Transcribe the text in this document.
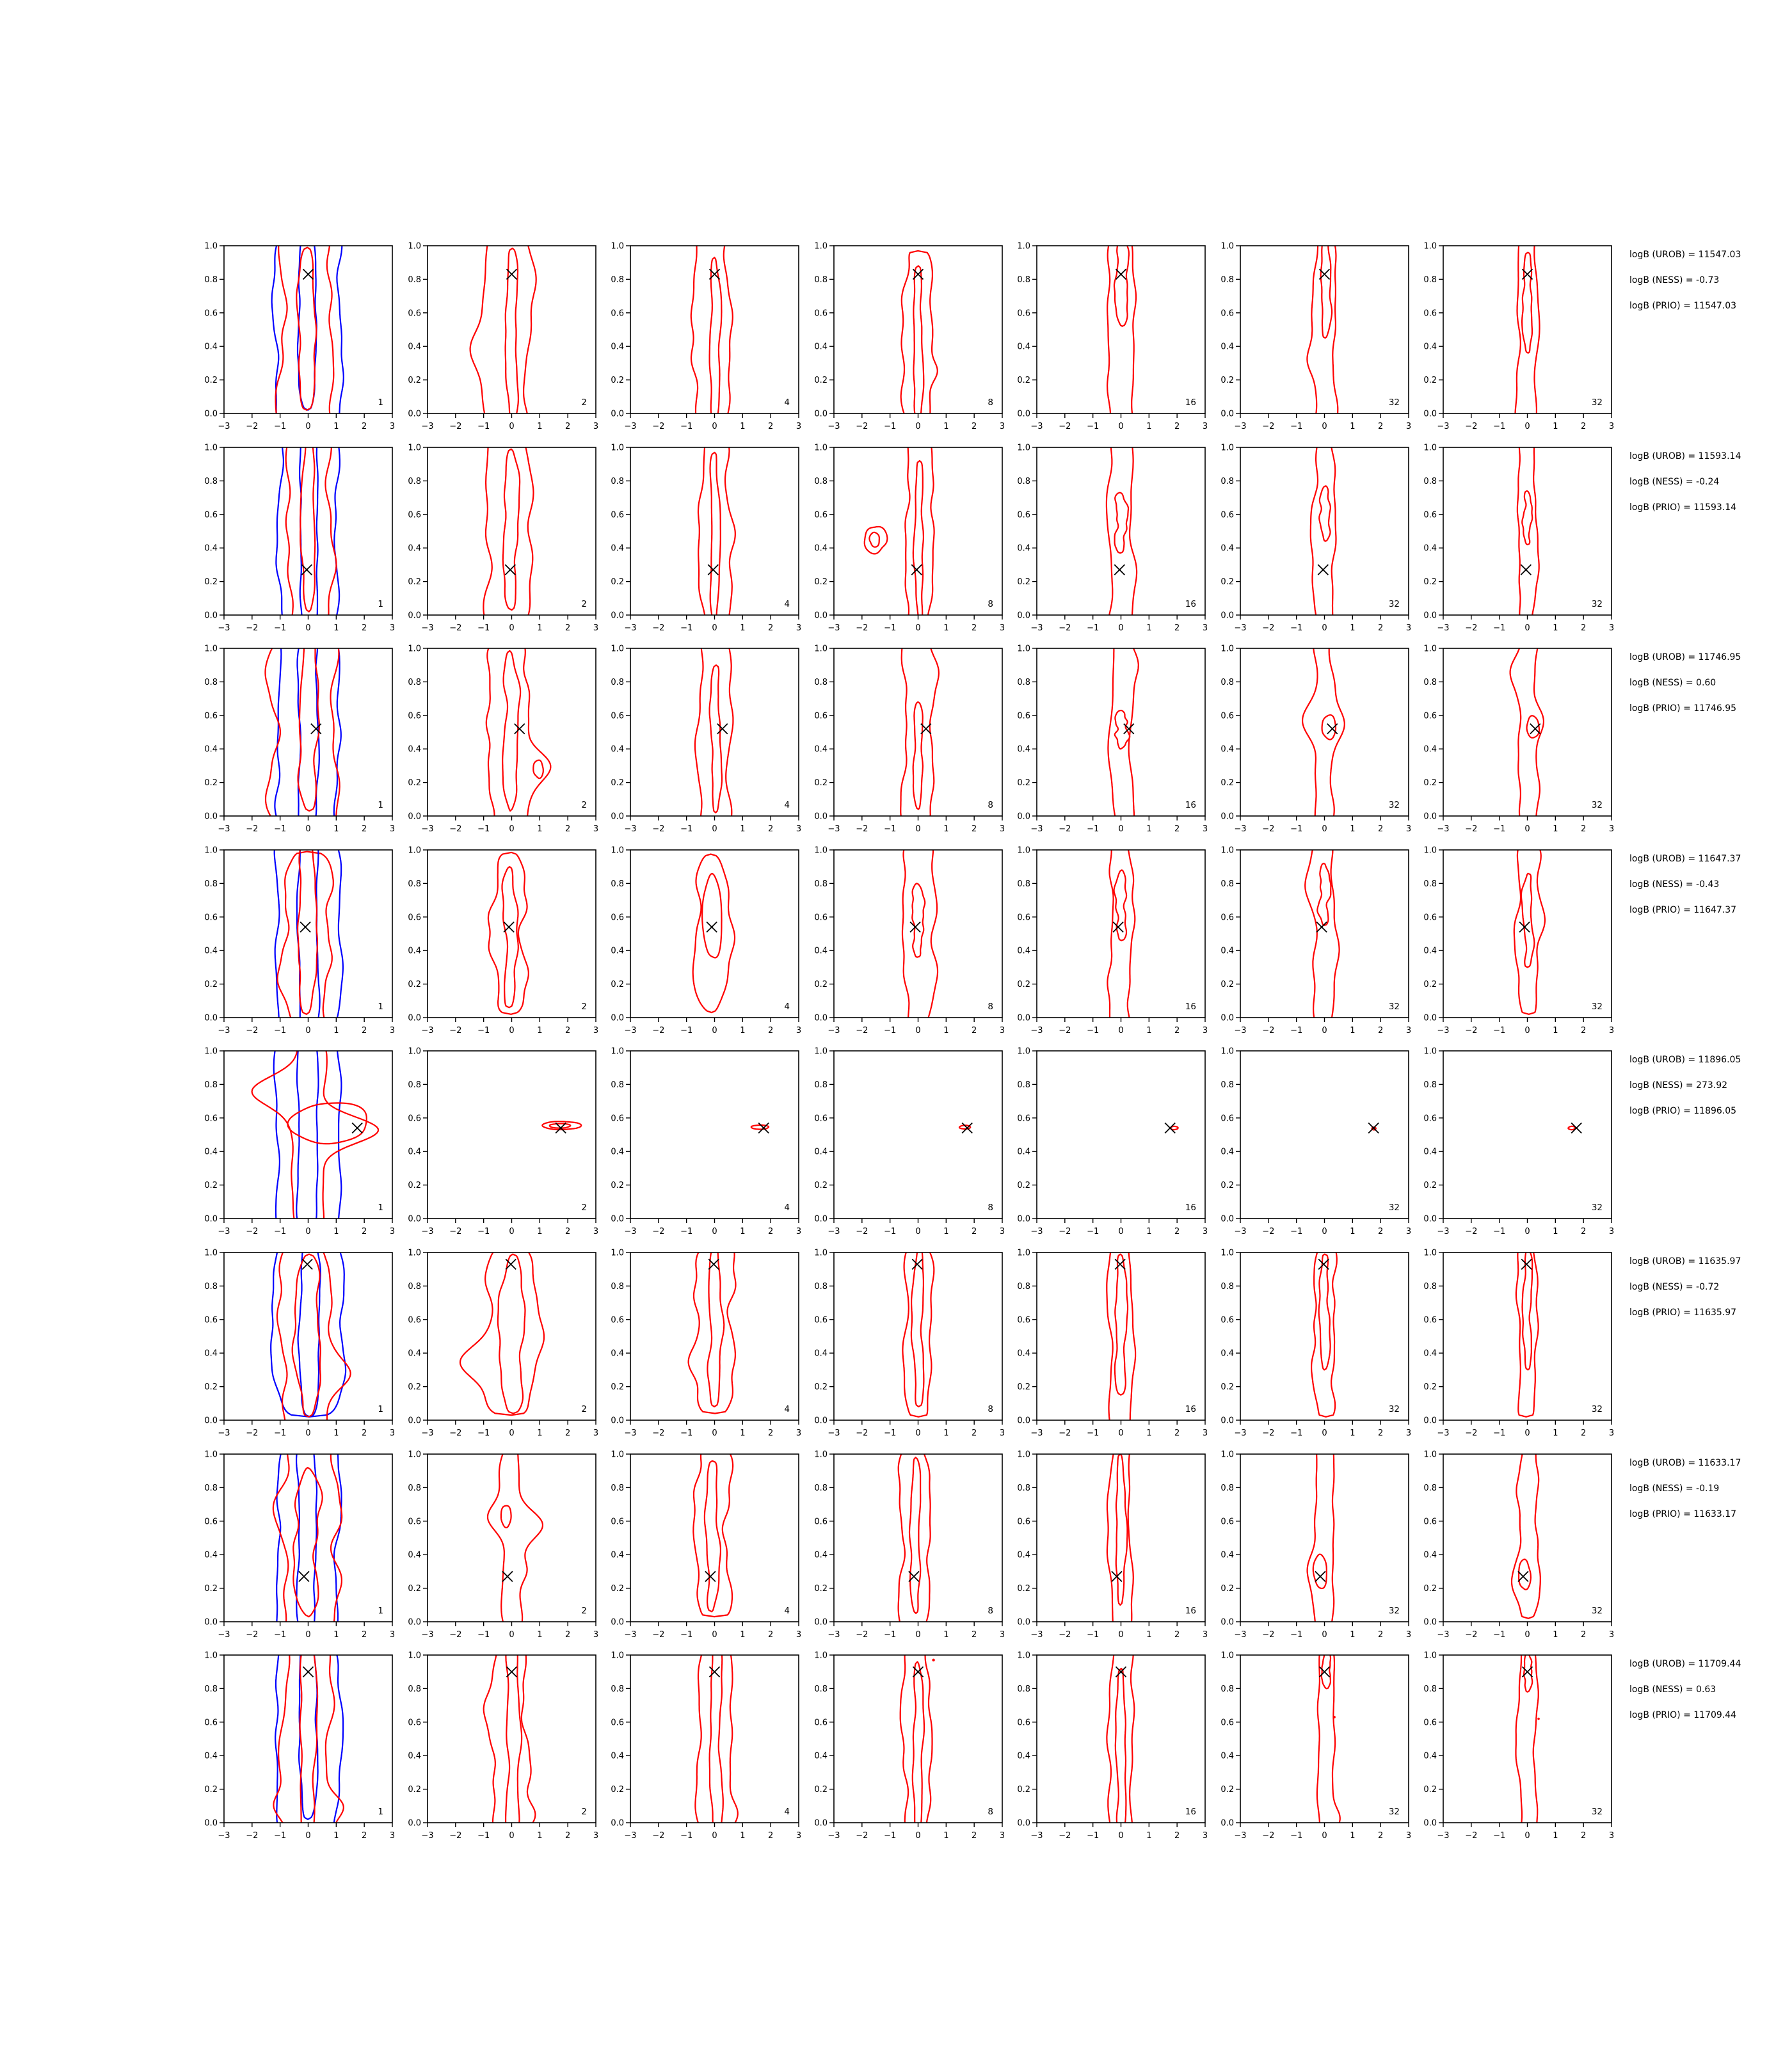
−3 −2 −1 0	1	2	3
0.0
0.2
0.4
0.6
0.8
1.0
1
−3 −2 −1 0	1	2	3
0.0
0.2
0.4
0.6
0.8
1.0
2
−3 −2 −1 0	1	2	3
0.0
0.2
0.4
0.6
0.8
1.0
4
−3 −2 −1 0	1	2	3
0.0
0.2
0.4
0.6
0.8
1.0
8
−3 −2 −1 0	1	2	3
0.0
0.2
0.4
0.6
0.8
1.0
16
−3 −2 −1 0	1	2	3
0.0
0.2
0.4
0.6
0.8
1.0
32
−3 −2 −1 0	1	2	3
0.0
0.2
0.4
0.6
0.8
1.0
32
logB (UROB) = 11547.03
logB (NESS) = -0.73
logB (PRIO) = 11547.03
−3 −2 −1 0	1	2	3
0.0
0.2
0.4
0.6
0.8
1.0
1
−3 −2 −1 0	1	2	3
0.0
0.2
0.4
0.6
0.8
1.0
2
−3 −2 −1 0	1	2	3
0.0
0.2
0.4
0.6
0.8
1.0
4
−3 −2 −1 0	1	2	3
0.0
0.2
0.4
0.6
0.8
1.0
8
−3 −2 −1 0	1	2	3
0.0
0.2
0.4
0.6
0.8
1.0
16
−3 −2 −1 0	1	2	3
0.0
0.2
0.4
0.6
0.8
1.0
32
−3 −2 −1 0	1	2	3
0.0
0.2
0.4
0.6
0.8
1.0
32
logB (UROB) = 11593.14
logB (NESS) = -0.24
logB (PRIO) = 11593.14
−3 −2 −1 0	1	2	3
0.0
0.2
0.4
0.6
0.8
1.0
1
−3 −2 −1 0	1	2	3
0.0
0.2
0.4
0.6
0.8
1.0
2
−3 −2 −1 0	1	2	3
0.0
0.2
0.4
0.6
0.8
1.0
4
−3 −2 −1 0	1	2	3
0.0
0.2
0.4
0.6
0.8
1.0
8
−3 −2 −1 0	1	2	3
0.0
0.2
0.4
0.6
0.8
1.0
16
−3 −2 −1 0	1	2	3
0.0
0.2
0.4
0.6
0.8
1.0
32
−3 −2 −1 0	1	2	3
0.0
0.2
0.4
0.6
0.8
1.0
32
logB (UROB) = 11746.95
logB (NESS) = 0.60
logB (PRIO) = 11746.95
−3 −2 −1 0	1	2	3
0.0
0.2
0.4
0.6
0.8
1.0
1
−3 −2 −1 0	1	2	3
0.0
0.2
0.4
0.6
0.8
1.0
2
−3 −2 −1 0	1	2	3
0.0
0.2
0.4
0.6
0.8
1.0
4
−3 −2 −1 0	1	2	3
0.0
0.2
0.4
0.6
0.8
1.0
8
−3 −2 −1 0	1	2	3
0.0
0.2
0.4
0.6
0.8
1.0
16
−3 −2 −1 0	1	2	3
0.0
0.2
0.4
0.6
0.8
1.0
32
−3 −2 −1 0	1	2	3
0.0
0.2
0.4
0.6
0.8
1.0
32
logB (UROB) = 11647.37
logB (NESS) = -0.43
logB (PRIO) = 11647.37
−3 −2 −1 0	1	2	3
0.0
0.2
0.4
0.6
0.8
1.0
1
−3 −2 −1 0	1	2	3
0.0
0.2
0.4
0.6
0.8
1.0
2
−3 −2 −1 0	1	2	3
0.0
0.2
0.4
0.6
0.8
1.0
4
−3 −2 −1 0	1	2	3
0.0
0.2
0.4
0.6
0.8
1.0
8
−3 −2 −1 0	1	2	3
0.0
0.2
0.4
0.6
0.8
1.0
16
−3 −2 −1 0	1	2	3
0.0
0.2
0.4
0.6
0.8
1.0
32
−3 −2 −1 0	1	2	3
0.0
0.2
0.4
0.6
0.8
1.0
32
logB (UROB) = 11896.05
logB (NESS) = 273.92
logB (PRIO) = 11896.05
−3 −2 −1 0	1	2	3
0.0
0.2
0.4
0.6
0.8
1.0
1
−3 −2 −1 0	1	2	3
0.0
0.2
0.4
0.6
0.8
1.0
2
−3 −2 −1 0	1	2	3
0.0
0.2
0.4
0.6
0.8
1.0
4
−3 −2 −1 0	1	2	3
0.0
0.2
0.4
0.6
0.8
1.0
8
−3 −2 −1 0	1	2	3
0.0
0.2
0.4
0.6
0.8
1.0
16
−3 −2 −1 0	1	2	3
0.0
0.2
0.4
0.6
0.8
1.0
32
−3 −2 −1 0	1	2	3
0.0
0.2
0.4
0.6
0.8
1.0
32
logB (UROB) = 11635.97
logB (NESS) = -0.72
logB (PRIO) = 11635.97
−3 −2 −1 0	1	2	3
0.0
0.2
0.4
0.6
0.8
1.0
1
−3 −2 −1 0	1	2	3
0.0
0.2
0.4
0.6
0.8
1.0
2
−3 −2 −1 0	1	2	3
0.0
0.2
0.4
0.6
0.8
1.0
4
−3 −2 −1 0	1	2	3
0.0
0.2
0.4
0.6
0.8
1.0
8
−3 −2 −1 0	1	2	3
0.0
0.2
0.4
0.6
0.8
1.0
16
−3 −2 −1 0	1	2	3
0.0
0.2
0.4
0.6
0.8
1.0
32
−3 −2 −1 0	1	2	3
0.0
0.2
0.4
0.6
0.8
1.0
32
logB (UROB) = 11633.17
logB (NESS) = -0.19
logB (PRIO) = 11633.17
−3 −2 −1 0	1	2	3
0.0
0.2
0.4
0.6
0.8
1.0
1
−3 −2 −1 0	1	2	3
0.0
0.2
0.4
0.6
0.8
1.0
2
−3 −2 −1 0	1	2	3
0.0
0.2
0.4
0.6
0.8
1.0
4
−3 −2 −1 0	1	2	3
0.0
0.2
0.4
0.6
0.8
1.0
8
−3 −2 −1 0	1	2	3
0.0
0.2
0.4
0.6
0.8
1.0
16
−3 −2 −1 0	1	2	3
0.0
0.2
0.4
0.6
0.8
1.0
32
−3 −2 −1 0	1	2	3
0.0
0.2
0.4
0.6
0.8
1.0
32
logB (UROB) = 11709.44
logB (NESS) = 0.63
logB (PRIO) = 11709.44
